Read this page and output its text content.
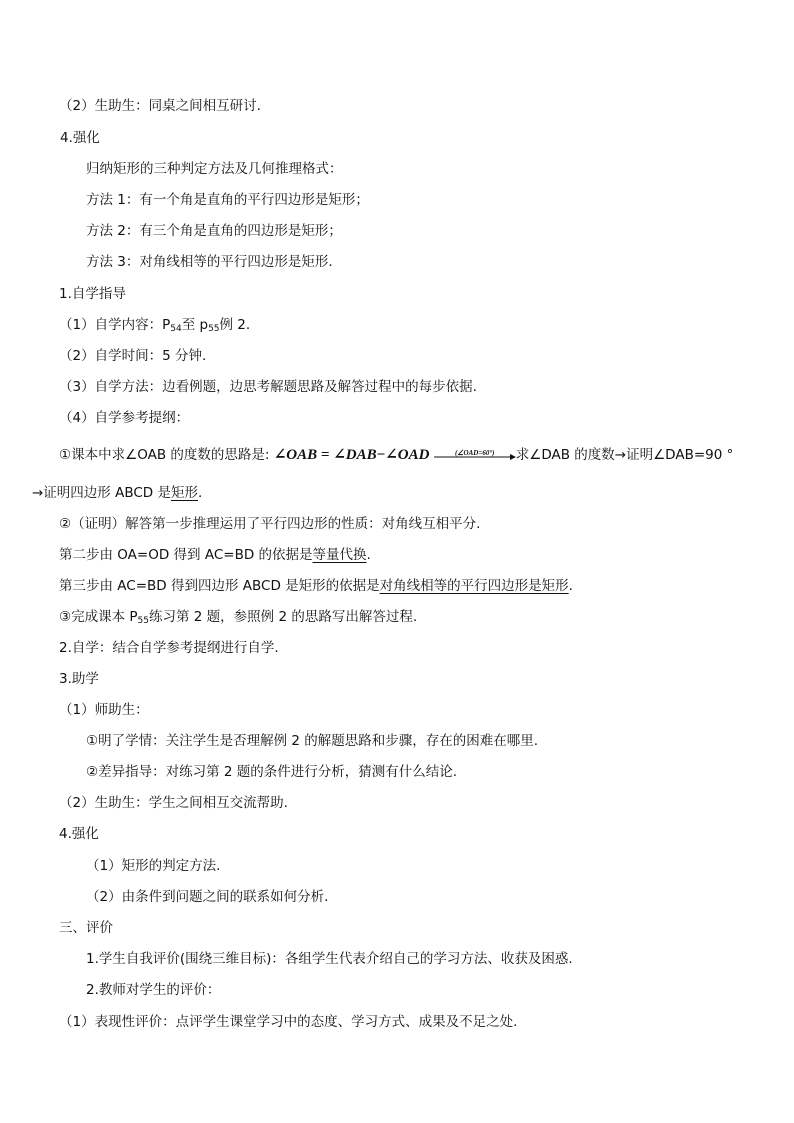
（2）生助生：同桌之间相互研讨.
4.强化
归纳矩形的三种判定方法及几何推理格式：
方法 1：有一个角是直角的平行四边形是矩形；
方法 2：有三个角是直角的四边形是矩形；
方法 3：对角线相等的平行四边形是矩形.
1.自学指导
（1）自学内容：$P_{54}$至 $p_{55}$例 2.
（2）自学时间：5 分钟.
（3）自学方法：边看例题，边思考解题思路及解答过程中的每步依据.
（4）自学参考提纲：
①课本中求∠OAB 的度数的思路是: ∠OAB = ∠DAB−∠OAD	(∠OAD=60°)	求∠DAB 的度数→证明∠DAB=90 °
→证明四边形 ABCD 是矩形.
②（证明）解答第一步推理运用了平行四边形的性质：对角线互相平分.
第二步由 OA=OD 得到 AC=BD 的依据是等量代换.
第三步由 AC=BD 得到四边形 ABCD 是矩形的依据是对角线相等的平行四边形是矩形.
③完成课本 $P_{55}$练习第 2 题，参照例 2 的思路写出解答过程.
2.自学：结合自学参考提纲进行自学.
3.助学
（1）师助生：
①明了学情：关注学生是否理解例 2 的解题思路和步骤，存在的困难在哪里.
②差异指导：对练习第 2 题的条件进行分析，猜测有什么结论.
（2）生助生：学生之间相互交流帮助.
4.强化
（1）矩形的判定方法.
（2）由条件到问题之间的联系如何分析.
三、评价
1.学生自我评价(围绕三维目标)：各组学生代表介绍自己的学习方法、收获及困惑.
2.教师对学生的评价：
（1）表现性评价：点评学生课堂学习中的态度、学习方式、成果及不足之处.
